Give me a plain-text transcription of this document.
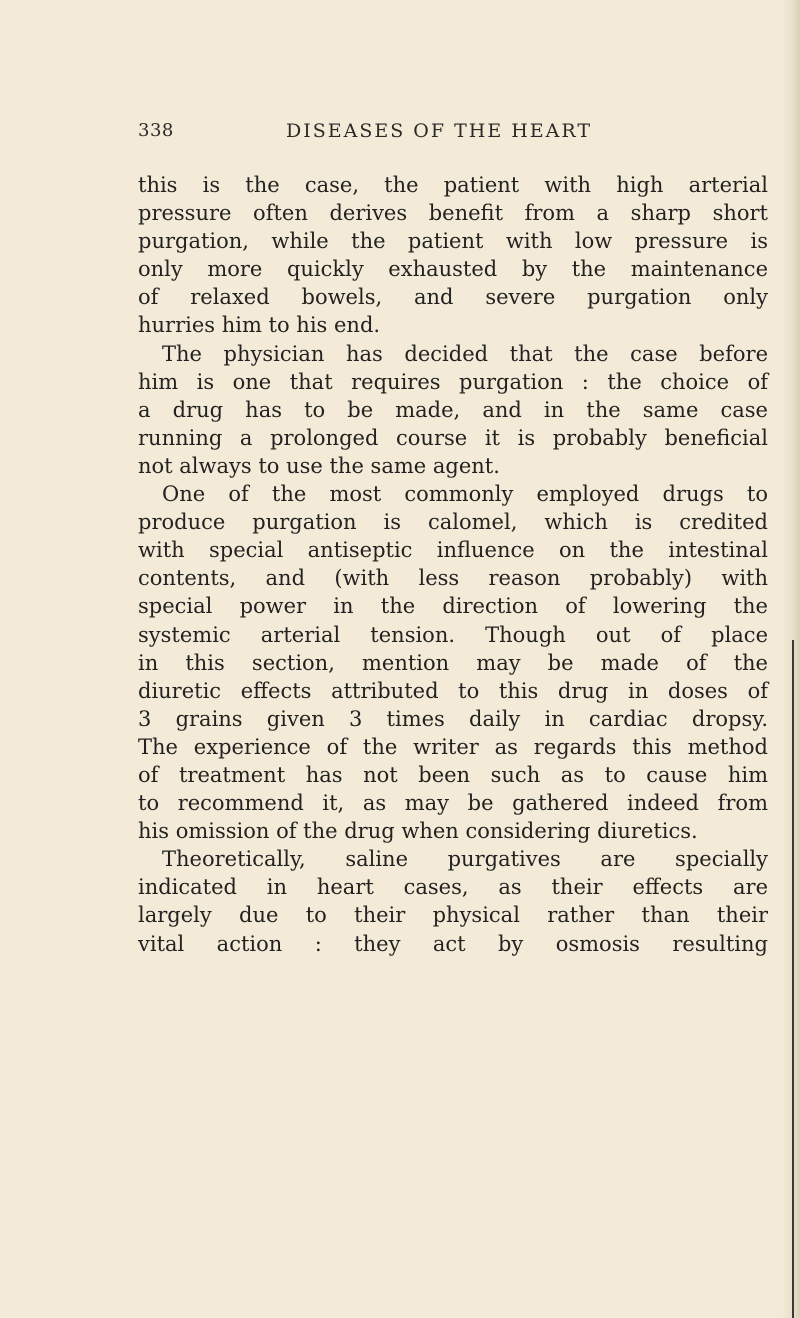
338	DISEASES OF THE HEART
this is the case, the patient with high arterial
pressure often derives benefit from a sharp short
purgation, while the patient with low pressure is
only more quickly exhausted by the maintenance
of relaxed bowels, and severe purgation only
hurries him to his end.
The physician has decided that the case before
him is one that requires purgation : the choice of
a drug has to be made, and in the same case
running a prolonged course it is probably beneficial
not always to use the same agent.
One of the most commonly employed drugs to
produce purgation is calomel, which is credited
with special antiseptic influence on the intestinal
contents, and (with less reason probably) with
special power in the direction of lowering the
systemic arterial tension. Though out of place
in this section, mention may be made of the
diuretic effects attributed to this drug in doses of
3 grains given 3 times daily in cardiac dropsy.
The experience of the writer as regards this method
of treatment has not been such as to cause him
to recommend it, as may be gathered indeed from
his omission of the drug when considering diuretics.
Theoretically, saline purgatives are specially
indicated in heart cases, as their effects are
largely due to their physical rather than their
vital action : they act by osmosis resulting
